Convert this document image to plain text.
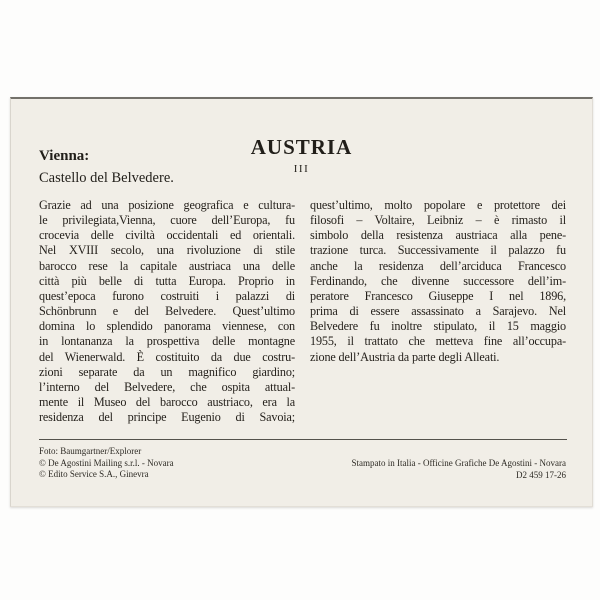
AUSTRIA
III
Vienna:
Castello del Belvedere.
Grazie ad una posizione geografica e cultura-
le privilegiata,Vienna, cuore dell’Europa, fu
crocevia delle civiltà occidentali ed orientali.
Nel XVIII secolo, una rivoluzione di stile
barocco rese la capitale austriaca una delle
città più belle di tutta Europa. Proprio in
quest’epoca furono costruiti i palazzi di
Schönbrunn e del Belvedere. Quest’ultimo
domina lo splendido panorama viennese, con
in lontananza la prospettiva delle montagne
del Wienerwald. È costituito da due costru-
zioni separate da un magnifico giardino;
l’interno del Belvedere, che ospita attual-
mente il Museo del barocco austriaco, era la
residenza del principe Eugenio di Savoia;
quest’ultimo, molto popolare e protettore dei
filosofi – Voltaire, Leibniz – è rimasto il
simbolo della resistenza austriaca alla pene-
trazione turca. Successivamente il palazzo fu
anche la residenza dell’arciduca Francesco
Ferdinando, che divenne successore dell’im-
peratore Francesco Giuseppe I nel 1896,
prima di essere assassinato a Sarajevo. Nel
Belvedere fu inoltre stipulato, il 15 maggio
1955, il trattato che metteva fine all’occupa-
zione dell’Austria da parte degli Alleati.
Foto: Baumgartner/Explorer
© De Agostini Mailing s.r.l. - Novara
© Edito Service S.A., Ginevra
Stampato in Italia - Officine Grafiche De Agostini - Novara
D2 459 17-26
